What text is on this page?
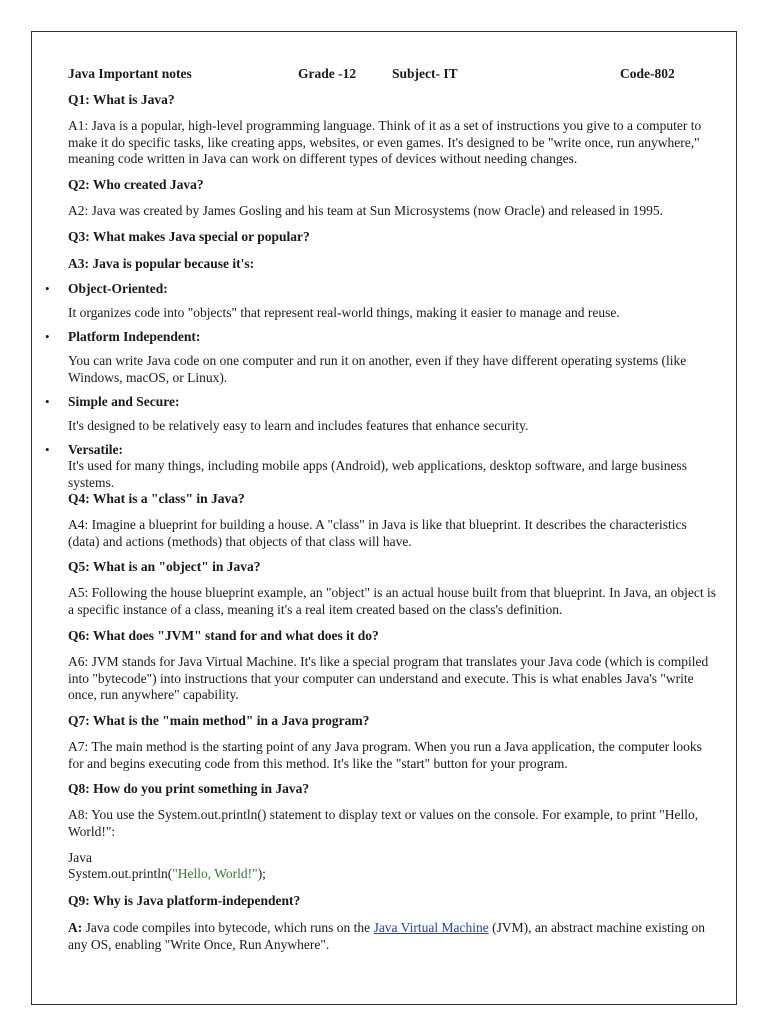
Java Important notes	Grade -12	Subject- IT	Code-802

Q1: What is Java?

A1: Java is a popular, high-level programming language. Think of it as a set of instructions you give to a computer to make it do specific tasks, like creating apps, websites, or even games. It's designed to be "write once, run anywhere," meaning code written in Java can work on different types of devices without needing changes.

Q2: Who created Java?

A2: Java was created by James Gosling and his team at Sun Microsystems (now Oracle) and released in 1995.

Q3: What makes Java special or popular?

A3: Java is popular because it's:

• Object-Oriented:

It organizes code into "objects" that represent real-world things, making it easier to manage and reuse.

• Platform Independent:

You can write Java code on one computer and run it on another, even if they have different operating systems (like Windows, macOS, or Linux).

• Simple and Secure:

It's designed to be relatively easy to learn and includes features that enhance security.

• Versatile:

It's used for many things, including mobile apps (Android), web applications, desktop software, and large business systems.

Q4: What is a "class" in Java?

A4: Imagine a blueprint for building a house. A "class" in Java is like that blueprint. It describes the characteristics (data) and actions (methods) that objects of that class will have.

Q5: What is an "object" in Java?

A5: Following the house blueprint example, an "object" is an actual house built from that blueprint. In Java, an object is a specific instance of a class, meaning it's a real item created based on the class's definition.

Q6: What does "JVM" stand for and what does it do?

A6: JVM stands for Java Virtual Machine. It's like a special program that translates your Java code (which is compiled into "bytecode") into instructions that your computer can understand and execute. This is what enables Java's "write once, run anywhere" capability.

Q7: What is the "main method" in a Java program?

A7: The main method is the starting point of any Java program. When you run a Java application, the computer looks for and begins executing code from this method. It's like the "start" button for your program.

Q8: How do you print something in Java?

A8: You use the System.out.println() statement to display text or values on the console. For example, to print "Hello, World!":

Java
System.out.println("Hello, World!");

Q9: Why is Java platform-independent?

A: Java code compiles into bytecode, which runs on the Java Virtual Machine (JVM), an abstract machine existing on any OS, enabling "Write Once, Run Anywhere".
